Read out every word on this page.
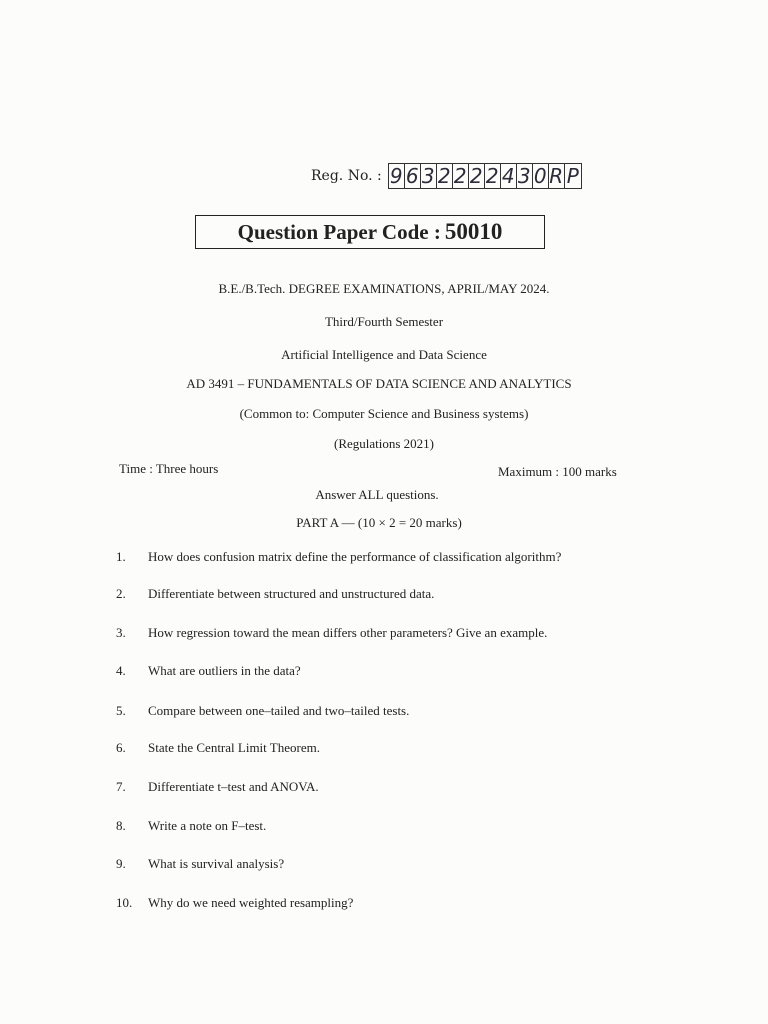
Reg. No. : 9 6 3 2 2 2 2 4 3 0 R P
Question Paper Code : 50010
B.E./B.Tech. DEGREE EXAMINATIONS, APRIL/MAY 2024.
Third/Fourth Semester
Artificial Intelligence and Data Science
AD 3491 – FUNDAMENTALS OF DATA SCIENCE AND ANALYTICS
(Common to: Computer Science and Business systems)
(Regulations 2021)
Time : Three hours	Maximum : 100 marks
Answer ALL questions.
PART A — (10 × 2 = 20 marks)
1.	How does confusion matrix define the performance of classification algorithm?
2.	Differentiate between structured and unstructured data.
3.	How regression toward the mean differs other parameters? Give an example.
4.	What are outliers in the data?
5.	Compare between one–tailed and two–tailed tests.
6.	State the Central Limit Theorem.
7.	Differentiate t–test and ANOVA.
8.	Write a note on F–test.
9.	What is survival analysis?
10.	Why do we need weighted resampling?
